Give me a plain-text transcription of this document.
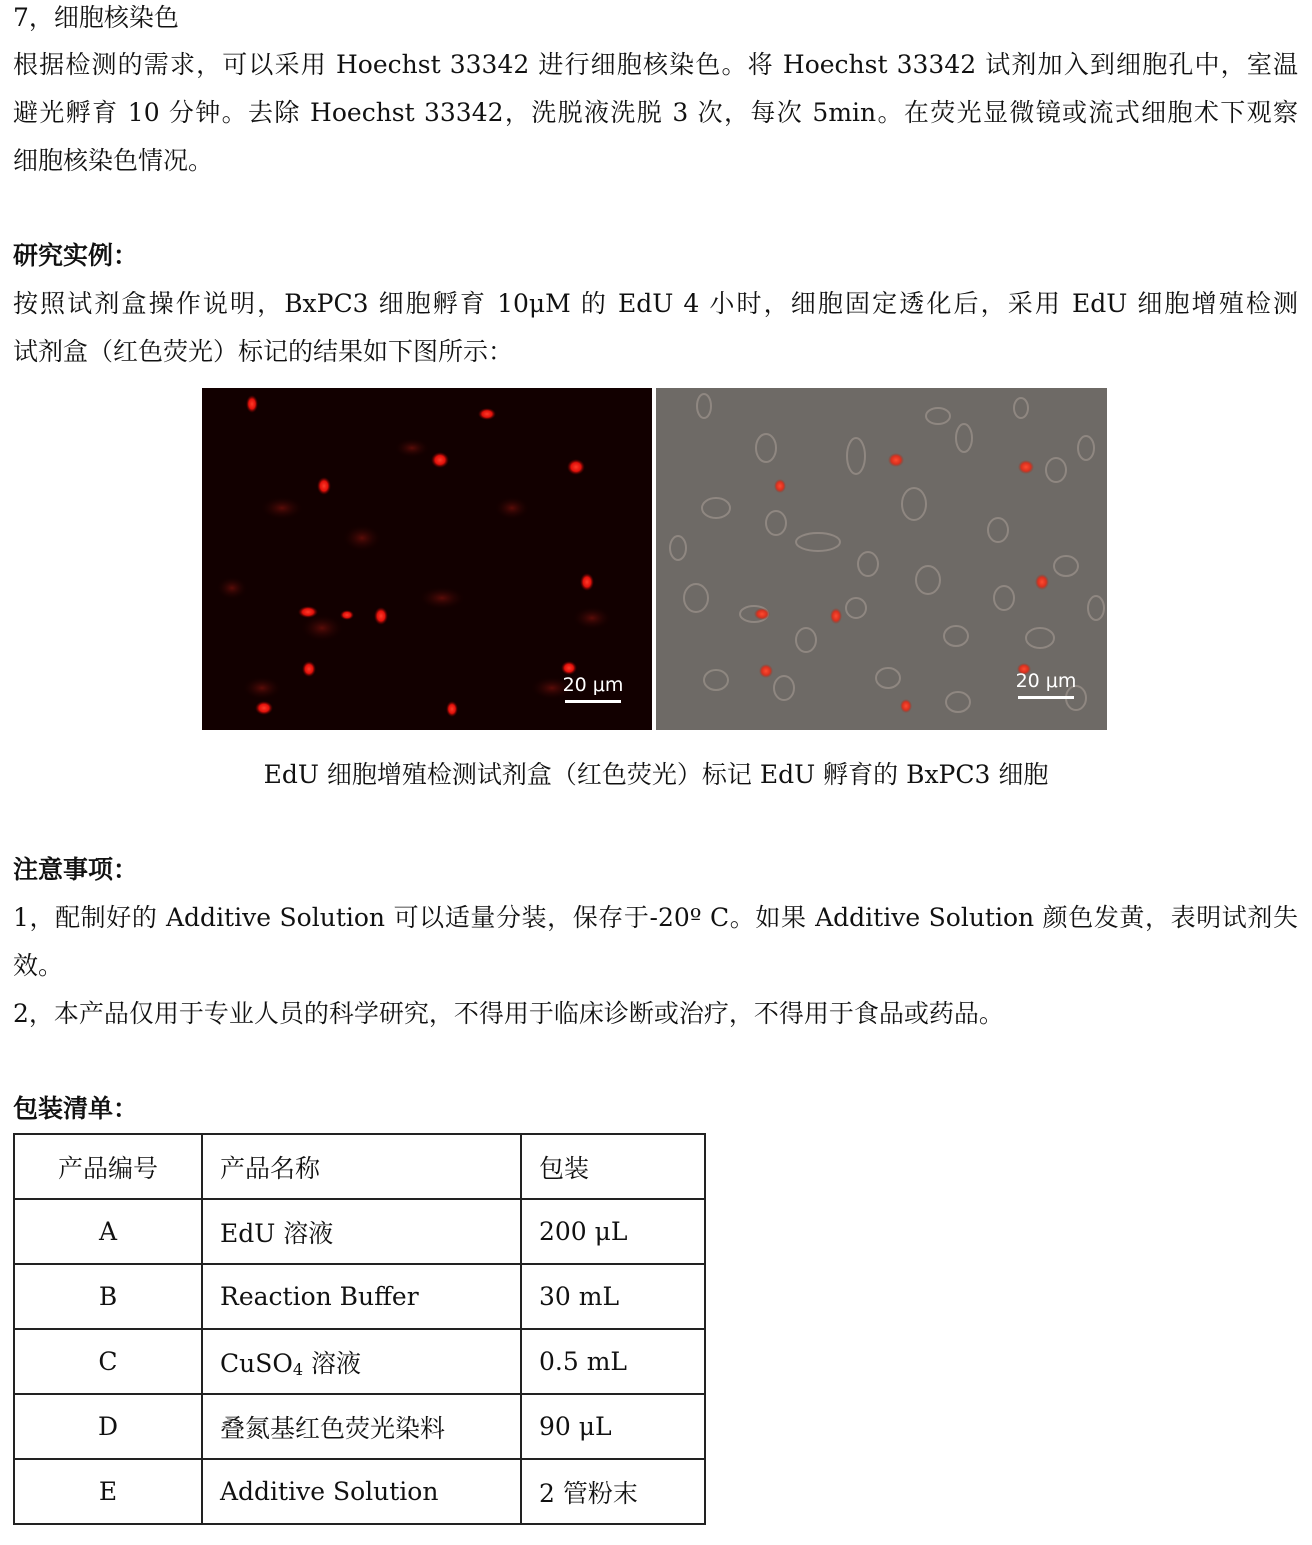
7，细胞核染色
根据检测的需求，可以采用 Hoechst 33342 进行细胞核染色。将 Hoechst 33342 试剂加入到细胞孔中，室温
避光孵育 10 分钟。去除 Hoechst 33342，洗脱液洗脱 3 次，每次 5min。在荧光显微镜或流式细胞术下观察
细胞核染色情况。
研究实例：
按照试剂盒操作说明，BxPC3 细胞孵育 10μM 的 EdU 4 小时，细胞固定透化后，采用 EdU 细胞增殖检测
试剂盒（红色荧光）标记的结果如下图所示：
20 μm	20 μm
EdU 细胞增殖检测试剂盒（红色荧光）标记 EdU 孵育的 BxPC3 细胞
注意事项：
1，配制好的 Additive Solution 可以适量分装，保存于-20º C。如果 Additive Solution 颜色发黄，表明试剂失
效。
2，本产品仅用于专业人员的科学研究，不得用于临床诊断或治疗，不得用于食品或药品。
包装清单：
产品编号	产品名称	包装
A	EdU 溶液	200 μL
B	Reaction Buffer	30 mL
C	CuSO$_4$ 溶液	0.5 mL
D	叠氮基红色荧光染料	90 μL
E	Additive Solution	2 管粉末
